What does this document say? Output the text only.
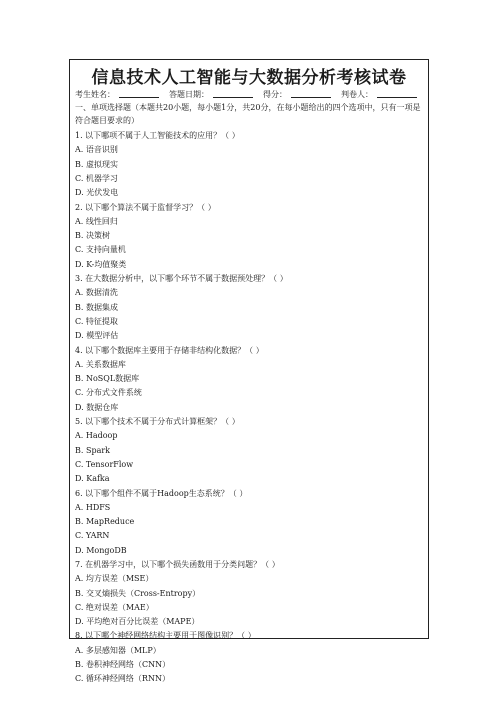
信息技术人工智能与大数据分析考核试卷
考生姓名：	答题日期：	得分：	判卷人：
一、单项选择题（本题共20小题，每小题1分，共20分，在每小题给出的四个选项中，只有一项是符合题目要求的）
1. 以下哪项不属于人工智能技术的应用？（ ）
A. 语音识别
B. 虚拟现实
C. 机器学习
D. 光伏发电
2. 以下哪个算法不属于监督学习？（ ）
A. 线性回归
B. 决策树
C. 支持向量机
D. K-均值聚类
3. 在大数据分析中，以下哪个环节不属于数据预处理？（ ）
A. 数据清洗
B. 数据集成
C. 特征提取
D. 模型评估
4. 以下哪个数据库主要用于存储非结构化数据？（ ）
A. 关系数据库
B. NoSQL数据库
C. 分布式文件系统
D. 数据仓库
5. 以下哪个技术不属于分布式计算框架？（ ）
A. Hadoop
B. Spark
C. TensorFlow
D. Kafka
6. 以下哪个组件不属于Hadoop生态系统？（ ）
A. HDFS
B. MapReduce
C. YARN
D. MongoDB
7. 在机器学习中，以下哪个损失函数用于分类问题？（ ）
A. 均方误差（MSE）
B. 交叉熵损失（Cross-Entropy）
C. 绝对误差（MAE）
D. 平均绝对百分比误差（MAPE）
8. 以下哪个神经网络结构主要用于图像识别？（ ）
A. 多层感知器（MLP）
B. 卷积神经网络（CNN）
C. 循环神经网络（RNN）
